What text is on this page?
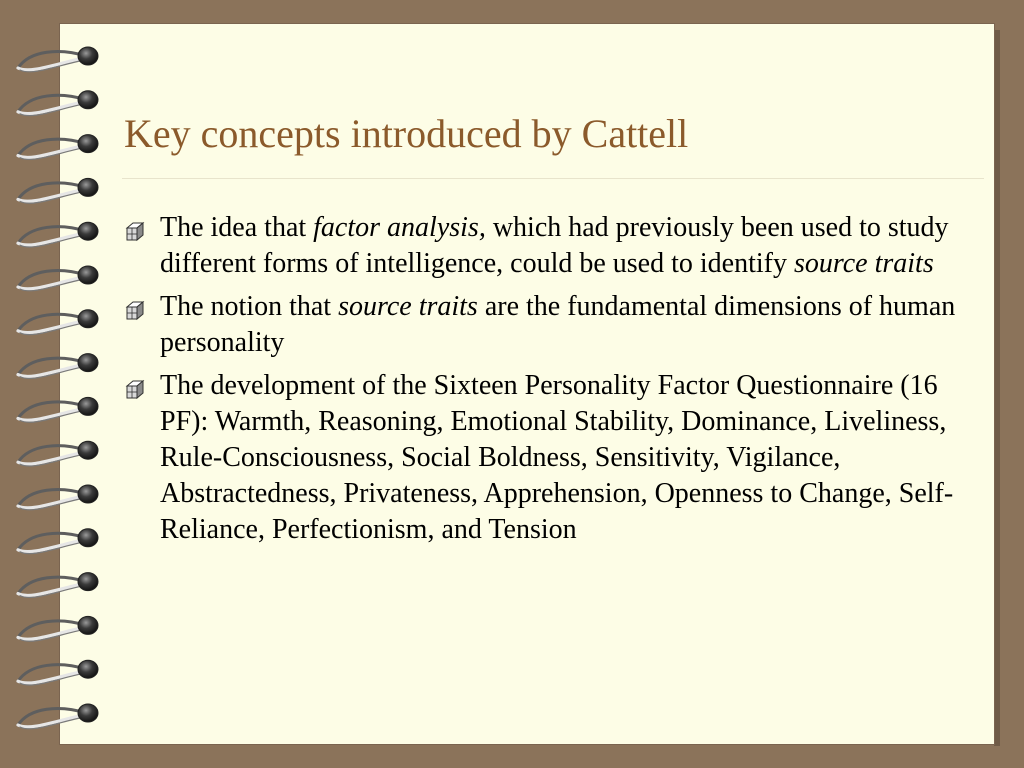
Key concepts introduced by Cattell
The idea that factor analysis, which had previously been used to study different forms of intelligence, could be used to identify source traits
The notion that source traits are the fundamental dimensions of human personality
The development of the Sixteen Personality Factor Questionnaire (16 PF): Warmth, Reasoning, Emotional Stability, Dominance, Liveliness, Rule-Consciousness, Social Boldness, Sensitivity, Vigilance, Abstractedness, Privateness, Apprehension, Openness to Change, Self-Reliance, Perfectionism, and Tension
